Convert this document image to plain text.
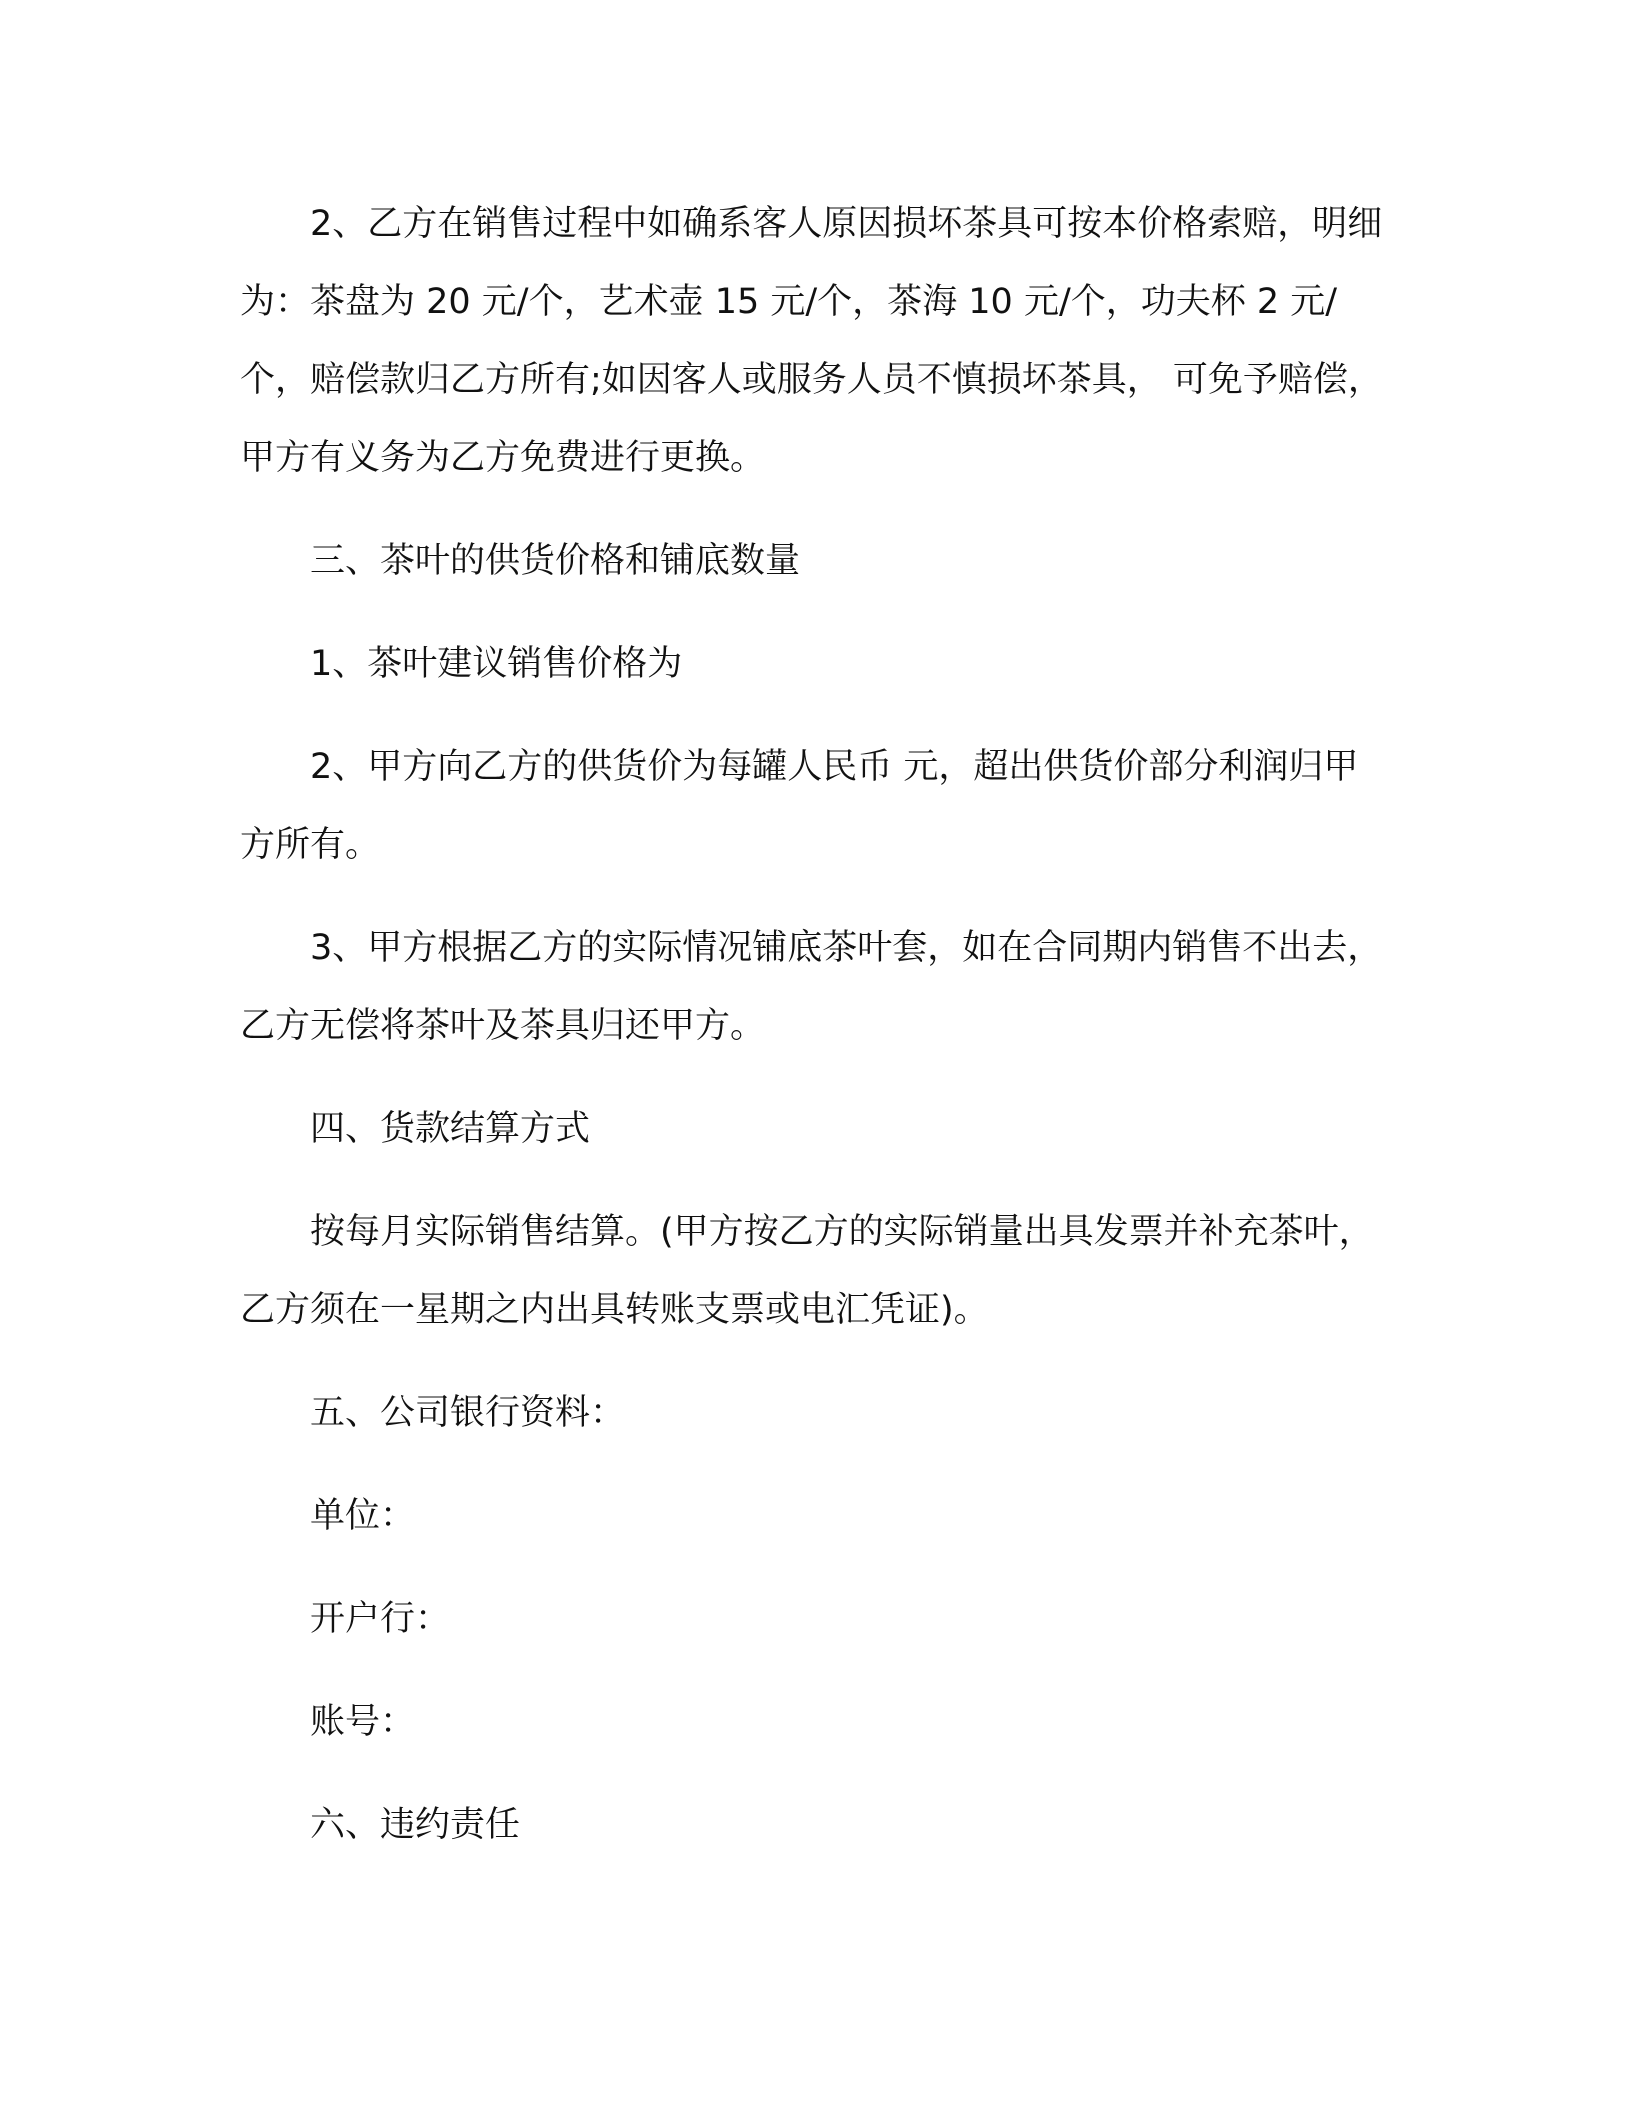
2、乙方在销售过程中如确系客人原因损坏茶具可按本价格索赔，明细为：茶盘为 20 元/个，艺术壶 15 元/个，茶海 10 元/个，功夫杯 2 元/个，赔偿款归乙方所有;如因客人或服务人员不慎损坏茶具， 可免予赔偿，甲方有义务为乙方免费进行更换。

三、茶叶的供货价格和铺底数量

1、茶叶建议销售价格为

2、甲方向乙方的供货价为每罐人民币 元，超出供货价部分利润归甲方所有。

3、甲方根据乙方的实际情况铺底茶叶套，如在合同期内销售不出去， 乙方无偿将茶叶及茶具归还甲方。

四、货款结算方式

按每月实际销售结算。(甲方按乙方的实际销量出具发票并补充茶叶，乙方须在一星期之内出具转账支票或电汇凭证)。

五、公司银行资料：

单位：

开户行：

账号：

六、违约责任
